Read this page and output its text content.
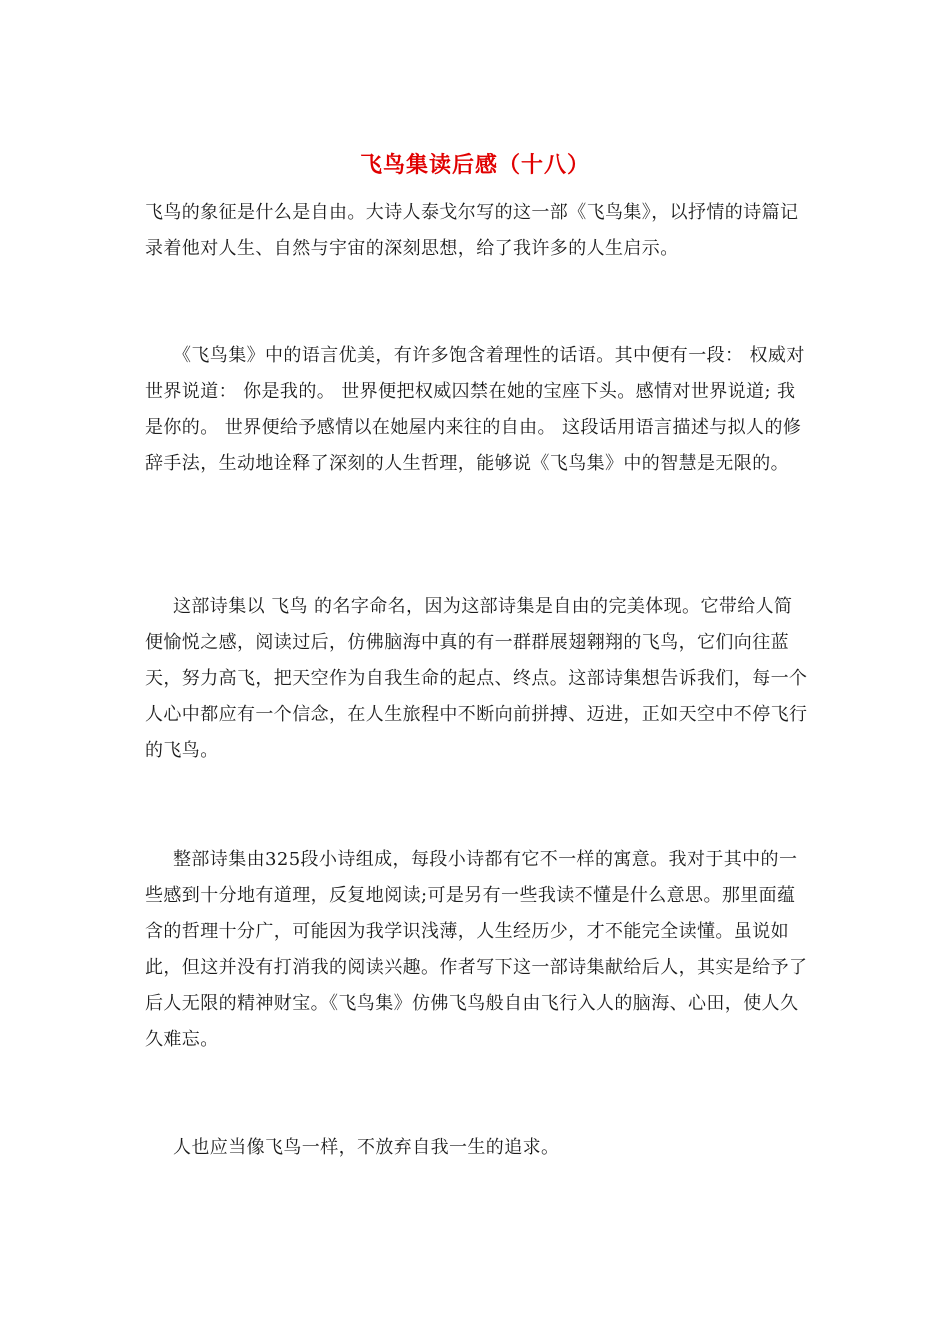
飞鸟集读后感（十八）

飞鸟的象征是什么是自由。大诗人泰戈尔写的这一部《飞鸟集》，以抒情的诗篇记录着他对人生、自然与宇宙的深刻思想，给了我许多的人生启示。

《飞鸟集》中的语言优美，有许多饱含着理性的话语。其中便有一段： 权威对世界说道： 你是我的。 世界便把权威囚禁在她的宝座下头。感情对世界说道; 我是你的。 世界便给予感情以在她屋内来往的自由。 这段话用语言描述与拟人的修辞手法，生动地诠释了深刻的人生哲理，能够说《飞鸟集》中的智慧是无限的。

这部诗集以 飞鸟 的名字命名，因为这部诗集是自由的完美体现。它带给人简便愉悦之感，阅读过后，仿佛脑海中真的有一群群展翅翱翔的飞鸟，它们向往蓝天，努力高飞，把天空作为自我生命的起点、终点。这部诗集想告诉我们，每一个人心中都应有一个信念，在人生旅程中不断向前拼搏、迈进，正如天空中不停飞行的飞鸟。

整部诗集由325段小诗组成，每段小诗都有它不一样的寓意。我对于其中的一些感到十分地有道理，反复地阅读;可是另有一些我读不懂是什么意思。那里面蕴含的哲理十分广，可能因为我学识浅薄，人生经历少，才不能完全读懂。虽说如此，但这并没有打消我的阅读兴趣。作者写下这一部诗集献给后人，其实是给予了后人无限的精神财宝。《飞鸟集》仿佛飞鸟般自由飞行入人的脑海、心田，使人久久难忘。

人也应当像飞鸟一样，不放弃自我一生的追求。
